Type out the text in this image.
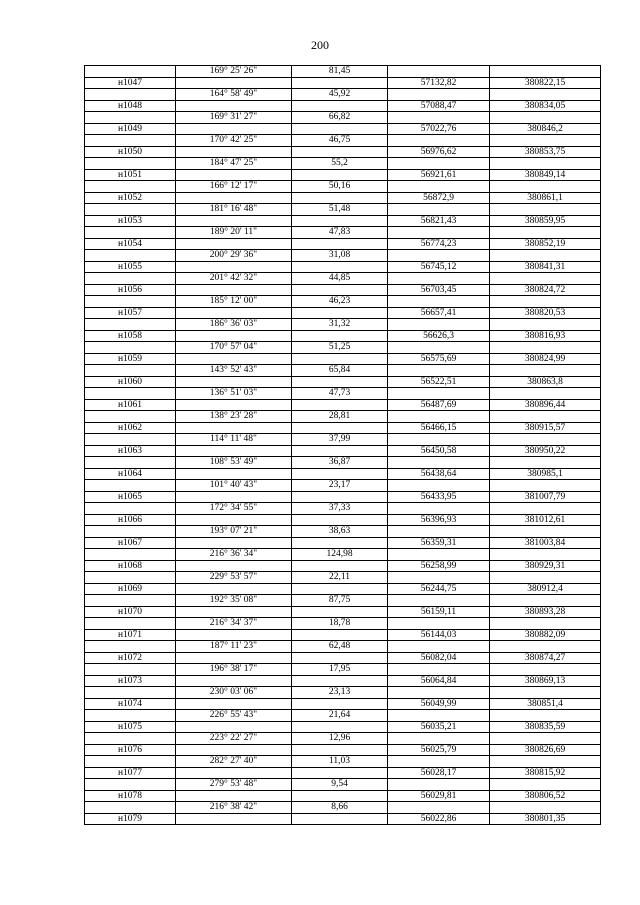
200
	169° 25' 26"	81,45		
н1047			57132,82	380822,15
	164° 58' 49"	45,92		
н1048			57088,47	380834,05
	169° 31' 27"	66,82		
н1049			57022,76	380846,2
	170° 42' 25"	46,75		
н1050			56976,62	380853,75
	184° 47' 25"	55,2		
н1051			56921,61	380849,14
	166° 12' 17"	50,16		
н1052			56872,9	380861,1
	181° 16' 48"	51,48		
н1053			56821,43	380859,95
	189° 20' 11"	47,83		
н1054			56774,23	380852,19
	200° 29' 36"	31,08		
н1055			56745,12	380841,31
	201° 42' 32"	44,85		
н1056			56703,45	380824,72
	185° 12' 00"	46,23		
н1057			56657,41	380820,53
	186° 36' 03"	31,32		
н1058			56626,3	380816,93
	170° 57' 04"	51,25		
н1059			56575,69	380824,99
	143° 52' 43"	65,84		
н1060			56522,51	380863,8
	136° 51' 03"	47,73		
н1061			56487,69	380896,44
	138° 23' 28"	28,81		
н1062			56466,15	380915,57
	114° 11' 48"	37,99		
н1063			56450,58	380950,22
	108° 53' 49"	36,87		
н1064			56438,64	380985,1
	101° 40' 43"	23,17		
н1065			56433,95	381007,79
	172° 34' 55"	37,33		
н1066			56396,93	381012,61
	193° 07' 21"	38,63		
н1067			56359,31	381003,84
	216° 36' 34"	124,98		
н1068			56258,99	380929,31
	229° 53' 57"	22,11		
н1069			56244,75	380912,4
	192° 35' 08"	87,75		
н1070			56159,11	380893,28
	216° 34' 37"	18,78		
н1071			56144,03	380882,09
	187° 11' 23"	62,48		
н1072			56082,04	380874,27
	196° 38' 17"	17,95		
н1073			56064,84	380869,13
	230° 03' 06"	23,13		
н1074			56049,99	380851,4
	226° 55' 43"	21,64		
н1075			56035,21	380835,59
	223° 22' 27"	12,96		
н1076			56025,79	380826,69
	282° 27' 40"	11,03		
н1077			56028,17	380815,92
	279° 53' 48"	9,54		
н1078			56029,81	380806,52
	216° 38' 42"	8,66		
н1079			56022,86	380801,35
